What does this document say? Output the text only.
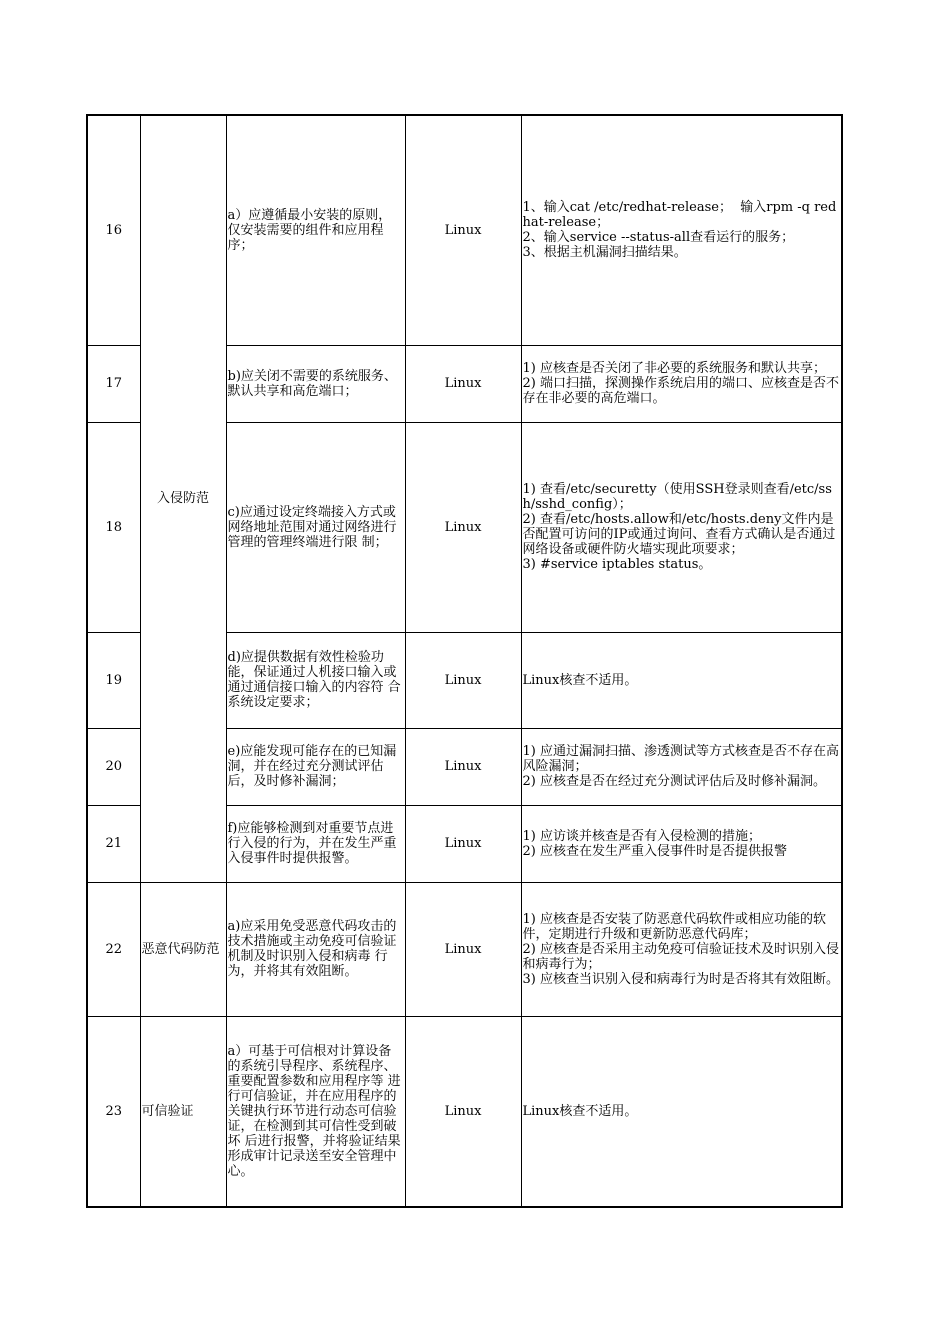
16	入侵防范	a）应遵循最小安装的原则，仅安装需要的组件和应用程序；	Linux	1、输入cat /etc/redhat-release；  输入rpm -q redhat-release；
2、输入service --status-all查看运行的服务；
3、根据主机漏洞扫描结果。
17		b)应关闭不需要的系统服务、默认共享和高危端口；	Linux	1) 应核查是否关闭了非必要的系统服务和默认共享；  2) 端口扫描，探测操作系统启用的端口、应核查是否不存在非必要的高危端口。
18		c)应通过设定终端接入方式或网络地址范围对通过网络进行管理的管理终端进行限 制；	Linux	1) 查看/etc/securetty（使用SSH登录则查看/etc/ssh/sshd_config）；
2) 查看/etc/hosts.allow和/etc/hosts.deny文件内是否配置可访问的IP或通过询问、查看方式确认是否通过网络设备或硬件防火墙实现此项要求；
3) #service iptables status。
19		d)应提供数据有效性检验功能，保证通过人机接口输入或通过通信接口输入的内容符 合系统设定要求；	Linux	Linux核查不适用。
20		e)应能发现可能存在的已知漏洞，并在经过充分测试评估后，及时修补漏洞；	Linux	1) 应通过漏洞扫描、渗透测试等方式核查是否不存在高风险漏洞；
2) 应核查是否在经过充分测试评估后及时修补漏洞。
21		f)应能够检测到对重要节点进行入侵的行为，并在发生严重入侵事件时提供报警。	Linux	1) 应访谈并核查是否有入侵检测的措施；
2) 应核查在发生严重入侵事件时是否提供报警
22	恶意代码防范	a)应采用免受恶意代码攻击的技术措施或主动免疫可信验证机制及时识别入侵和病毒 行为，并将其有效阻断。	Linux	1) 应核查是否安装了防恶意代码软件或相应功能的软件，定期进行升级和更新防恶意代码库；
2) 应核查是否采用主动免疫可信验证技术及时识别入侵和病毒行为；
3) 应核查当识别入侵和病毒行为时是否将其有效阻断。
23	可信验证	a）可基于可信根对计算设备的系统引导程序、系统程序、重要配置参数和应用程序等 进行可信验证，并在应用程序的关键执行环节进行动态可信验证，在检测到其可信性受到破坏 后进行报警，并将验证结果形成审计记录送至安全管理中心。	Linux	Linux核查不适用。
